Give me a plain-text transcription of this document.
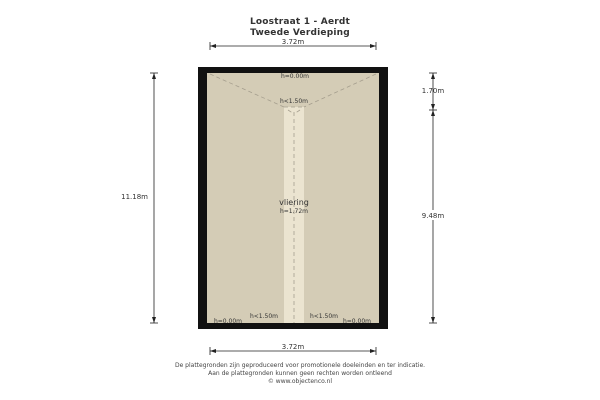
Loostraat 1 - Aerdt
Tweede Verdieping
3.72m
3.72m
11.18m
1.70m
9.48m
h=0.00m
h<1.50m
vliering
h=1.72m
h<1.50m	h<1.50m
h=0.00m	h=0.00m
De plattegronden zijn geproduceerd voor promotionele doeleinden en ter indicatie.
Aan de plattegronden kunnen geen rechten worden ontleend
© www.objectenco.nl
